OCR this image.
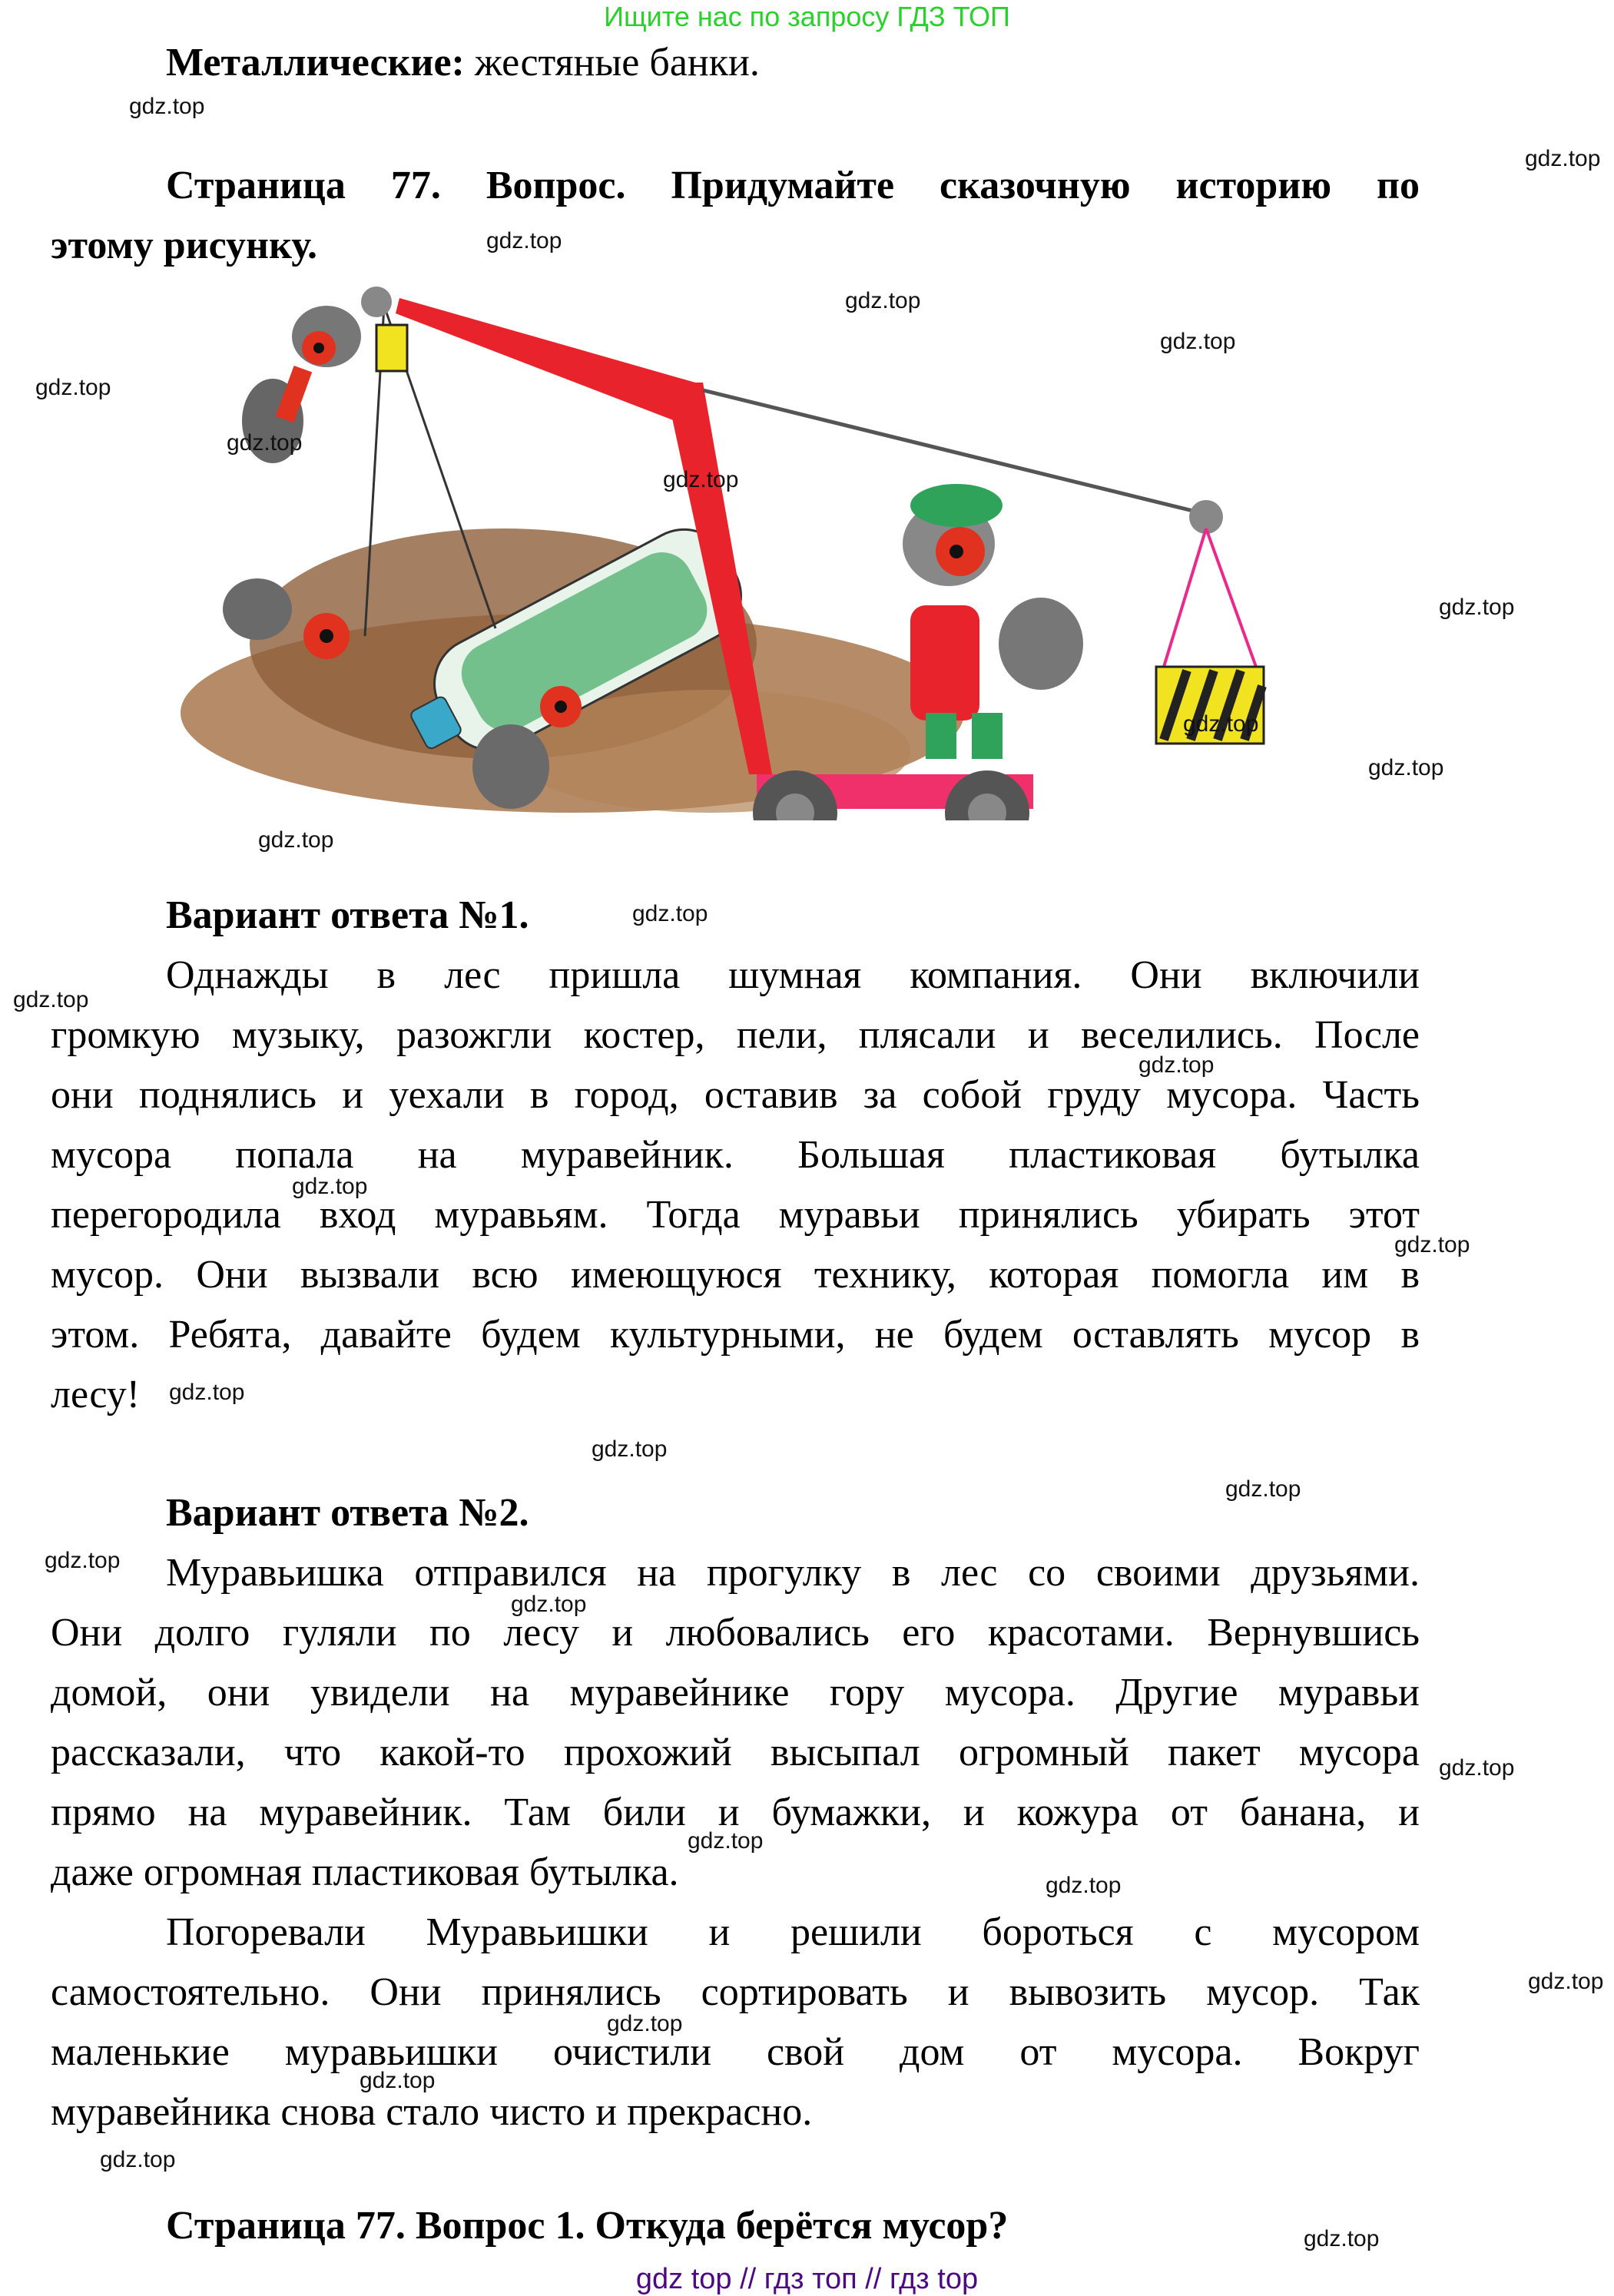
Ищите нас по запросу ГДЗ ТОП
Металлические: жестяные банки.
Страница 77. Вопрос. Придумайте сказочную историю по
этому рисунку.
Вариант ответа №1.
Однажды в лес пришла шумная компания. Они включили
громкую музыку, разожгли костер, пели, плясали и веселились. После
они поднялись и уехали в город, оставив за собой груду мусора. Часть
мусора попала на муравейник. Большая пластиковая бутылка
перегородила вход муравьям. Тогда муравьи принялись убирать этот
мусор. Они вызвали всю имеющуюся технику, которая помогла им в
этом. Ребята, давайте будем культурными, не будем оставлять мусор в
лесу!
Вариант ответа №2.
Муравьишка отправился на прогулку в лес со своими друзьями.
Они долго гуляли по лесу и любовались его красотами. Вернувшись
домой, они увидели на муравейнике гору мусора. Другие муравьи
рассказали, что какой-то прохожий высыпал огромный пакет мусора
прямо на муравейник. Там били и бумажки, и кожура от банана, и
даже огромная пластиковая бутылка.
Погоревали Муравьишки и решили бороться с мусором
самостоятельно. Они принялись сортировать и вывозить мусор. Так
маленькие муравьишки очистили свой дом от мусора. Вокруг
муравейника снова стало чисто и прекрасно.
Страница 77. Вопрос 1. Откуда берётся мусор?
gdz top // гдз топ // гдз top
gdz.top
gdz.top
gdz.top
gdz.top
gdz.top
gdz.top
gdz.top
gdz.top
gdz.top
gdz.top
gdz.top
gdz.top
gdz.top
gdz.top
gdz.top
gdz.top
gdz.top
gdz.top
gdz.top
gdz.top
gdz.top
gdz.top
gdz.top
gdz.top
gdz.top
gdz.top
gdz.top
gdz.top
gdz.top
gdz.top
